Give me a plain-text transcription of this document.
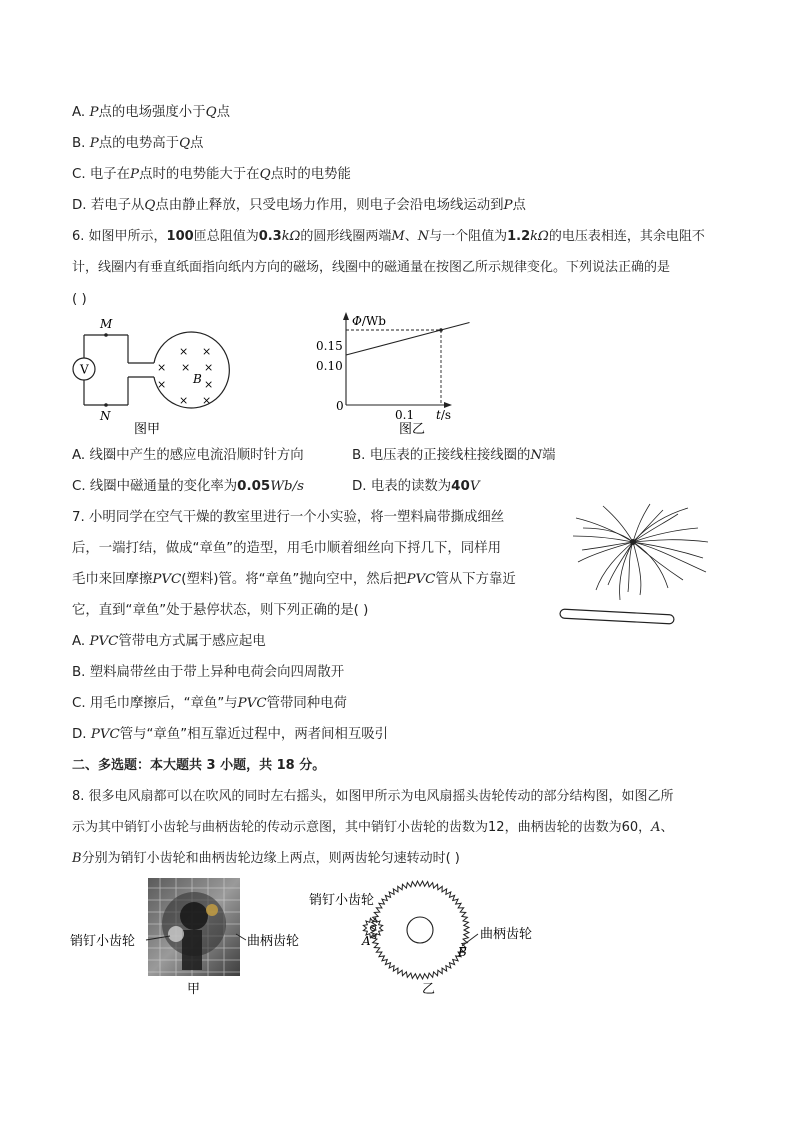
A. P点的电场强度小于Q点
B. P点的电势高于Q点
C. 电子在P点时的电势能大于在Q点时的电势能
D. 若电子从Q点由静止释放，只受电场力作用，则电子会沿电场线运动到P点
6. 如图甲所示，100匝总阻值为0.3kΩ的圆形线圈两端M、N与一个阻值为1.2kΩ的电压表相连，其余电阻不
计，线圈内有垂直纸面指向纸内方向的磁场，线圈中的磁通量在按图乙所示规律变化。下列说法正确的是
( )
V
M
N
× ×
× × ×
×	×
× ×
B
图甲
Φ/Wb
0.15
0.10
0
0.1 t/s
图乙
A. 线圈中产生的感应电流沿顺时针方向	B. 电压表的正接线柱接线圈的N端
C. 线圈中磁通量的变化率为0.05Wb/s	D. 电表的读数为40V
7. 小明同学在空气干燥的教室里进行一个小实验，将一塑料扁带撕成细丝
后，一端打结，做成“章鱼”的造型，用毛巾顺着细丝向下捋几下，同样用
毛巾来回摩擦PVC(塑料)管。将“章鱼”抛向空中，然后把PVC管从下方靠近
它，直到“章鱼”处于悬停状态，则下列正确的是( )
A. PVC管带电方式属于感应起电
B. 塑料扁带丝由于带上异种电荷会向四周散开
C. 用毛巾摩擦后，“章鱼”与PVC管带同种电荷
D. PVC管与“章鱼”相互靠近过程中，两者间相互吸引
二、多选题：本大题共 3 小题，共 18 分。
8. 很多电风扇都可以在吹风的同时左右摇头，如图甲所示为电风扇摇头齿轮传动的部分结构图，如图乙所
示为其中销钉小齿轮与曲柄齿轮的传动示意图，其中销钉小齿轮的齿数为12，曲柄齿轮的齿数为60，A、
B分别为销钉小齿轮和曲柄齿轮边缘上两点，则两齿轮匀速转动时( )
销钉小齿轮	曲柄齿轮
甲
销钉小齿轮
曲柄齿轮
A
B
乙
